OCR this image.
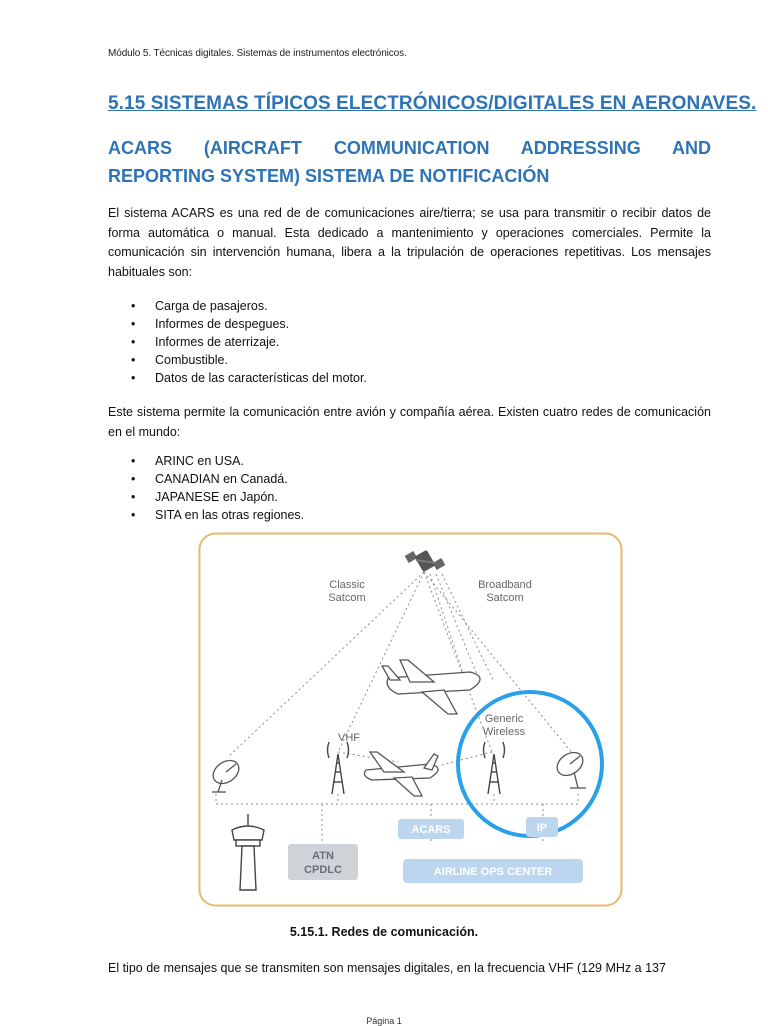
Módulo 5. Técnicas digitales. Sistemas de instrumentos electrónicos.
5.15 SISTEMAS TÍPICOS ELECTRÓNICOS/DIGITALES EN AERONAVES.
ACARS (AIRCRAFT COMMUNICATION ADDRESSING AND REPORTING SYSTEM) SISTEMA DE NOTIFICACIÓN
El sistema ACARS es una red de de comunicaciones aire/tierra; se usa para transmitir o recibir datos de forma automática o manual. Esta dedicado a mantenimiento y operaciones comerciales. Permite la comunicación sin intervención humana, libera a la tripulación de operaciones repetitivas. Los mensajes habituales son:
• Carga de pasajeros.
• Informes de despegues.
• Informes de aterrizaje.
• Combustible.
• Datos de las características del motor.
Este sistema permite la comunicación entre avión y compañía aérea. Existen cuatro redes de comunicación en el mundo:
• ARINC en USA.
• CANADIAN en Canadá.
• JAPANESE en Japón.
• SITA en las otras regiones.
Classic
Satcom
Broadband
Satcom
Generic
Wireless
VHF
ATN
CPDLC
ACARS	IP
AIRLINE OPS CENTER
5.15.1. Redes de comunicación.
El tipo de mensajes que se transmiten son mensajes digitales, en la frecuencia VHF (129 MHz a 137
Página 1
